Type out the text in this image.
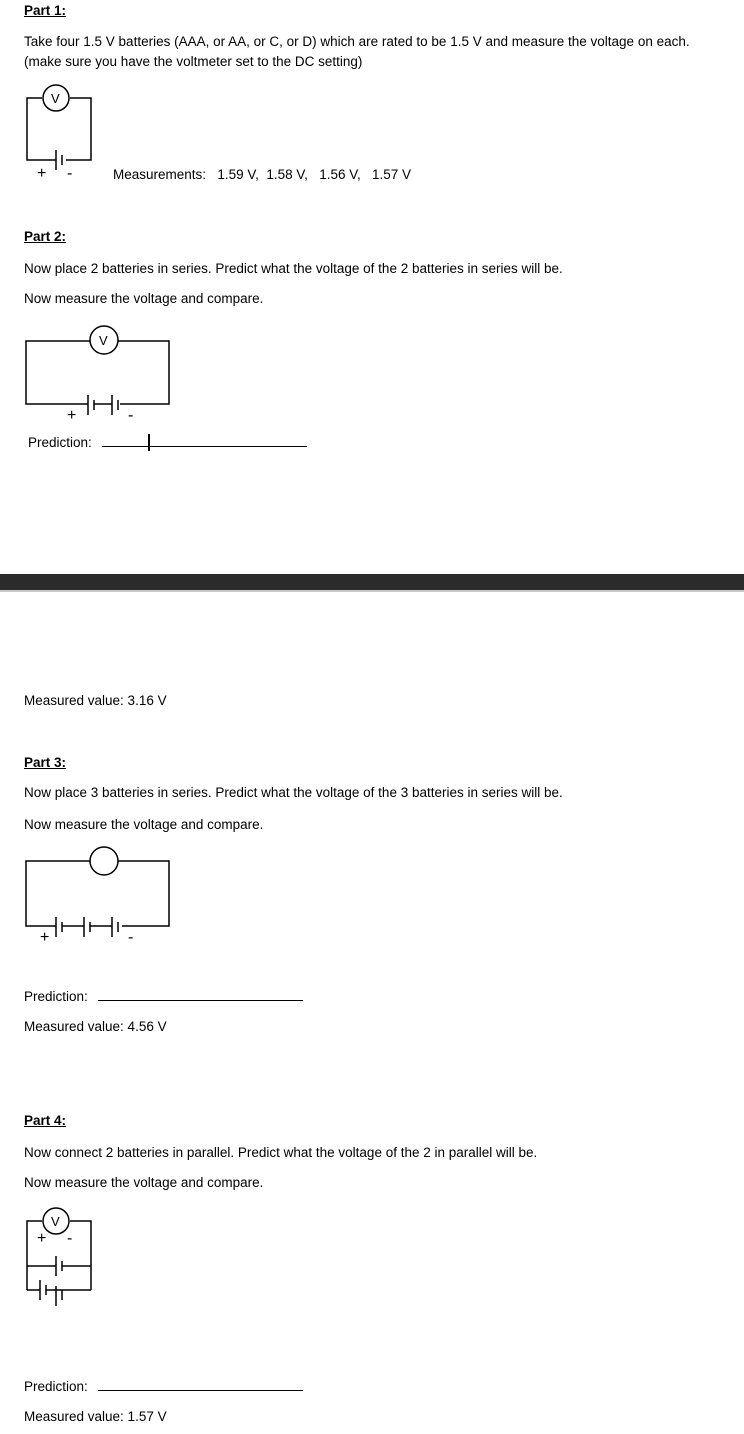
Part 1:
Take four 1.5 V batteries (AAA, or AA, or C, or D) which are rated to be 1.5 V and measure the voltage on each. (make sure you have the voltmeter set to the DC setting)
V
+ -	Measurements: 1.59 V, 1.58 V, 1.56 V, 1.57 V
Part 2:
Now place 2 batteries in series. Predict what the voltage of the 2 batteries in series will be.
Now measure the voltage and compare.
V
+	-
Prediction:
Measured value: 3.16 V
Part 3:
Now place 3 batteries in series. Predict what the voltage of the 3 batteries in series will be.
Now measure the voltage and compare.
+	-
Prediction:
Measured value: 4.56 V
Part 4:
Now connect 2 batteries in parallel. Predict what the voltage of the 2 in parallel will be.
Now measure the voltage and compare.
V
+ -
Prediction:
Measured value: 1.57 V
